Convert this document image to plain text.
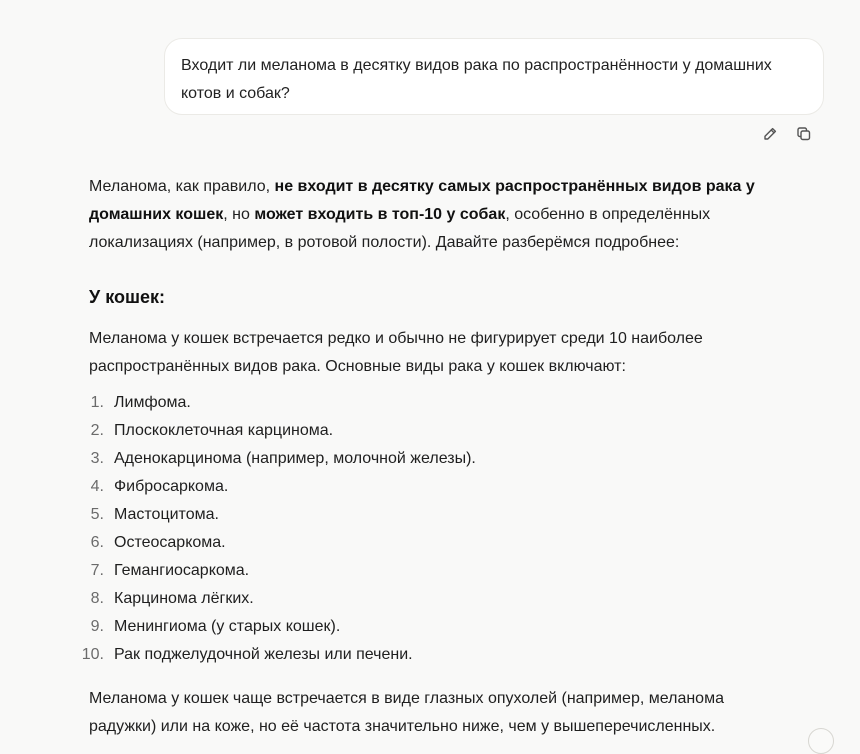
Входит ли меланома в десятку видов рака по распространённости у домашних котов и собак?

Меланома, как правило, не входит в десятку самых распространённых видов рака у домашних кошек, но может входить в топ-10 у собак, особенно в определённых локализациях (например, в ротовой полости). Давайте разберёмся подробнее:

У кошек:

Меланома у кошек встречается редко и обычно не фигурирует среди 10 наиболее распространённых видов рака. Основные виды рака у кошек включают:

1. Лимфома.
2. Плоскоклеточная карцинома.
3. Аденокарцинома (например, молочной железы).
4. Фибросаркома.
5. Мастоцитома.
6. Остеосаркома.
7. Гемангиосаркома.
8. Карцинома лёгких.
9. Менингиома (у старых кошек).
10. Рак поджелудочной железы или печени.

Меланома у кошек чаще встречается в виде глазных опухолей (например, меланома радужки) или на коже, но её частота значительно ниже, чем у вышеперечисленных.
